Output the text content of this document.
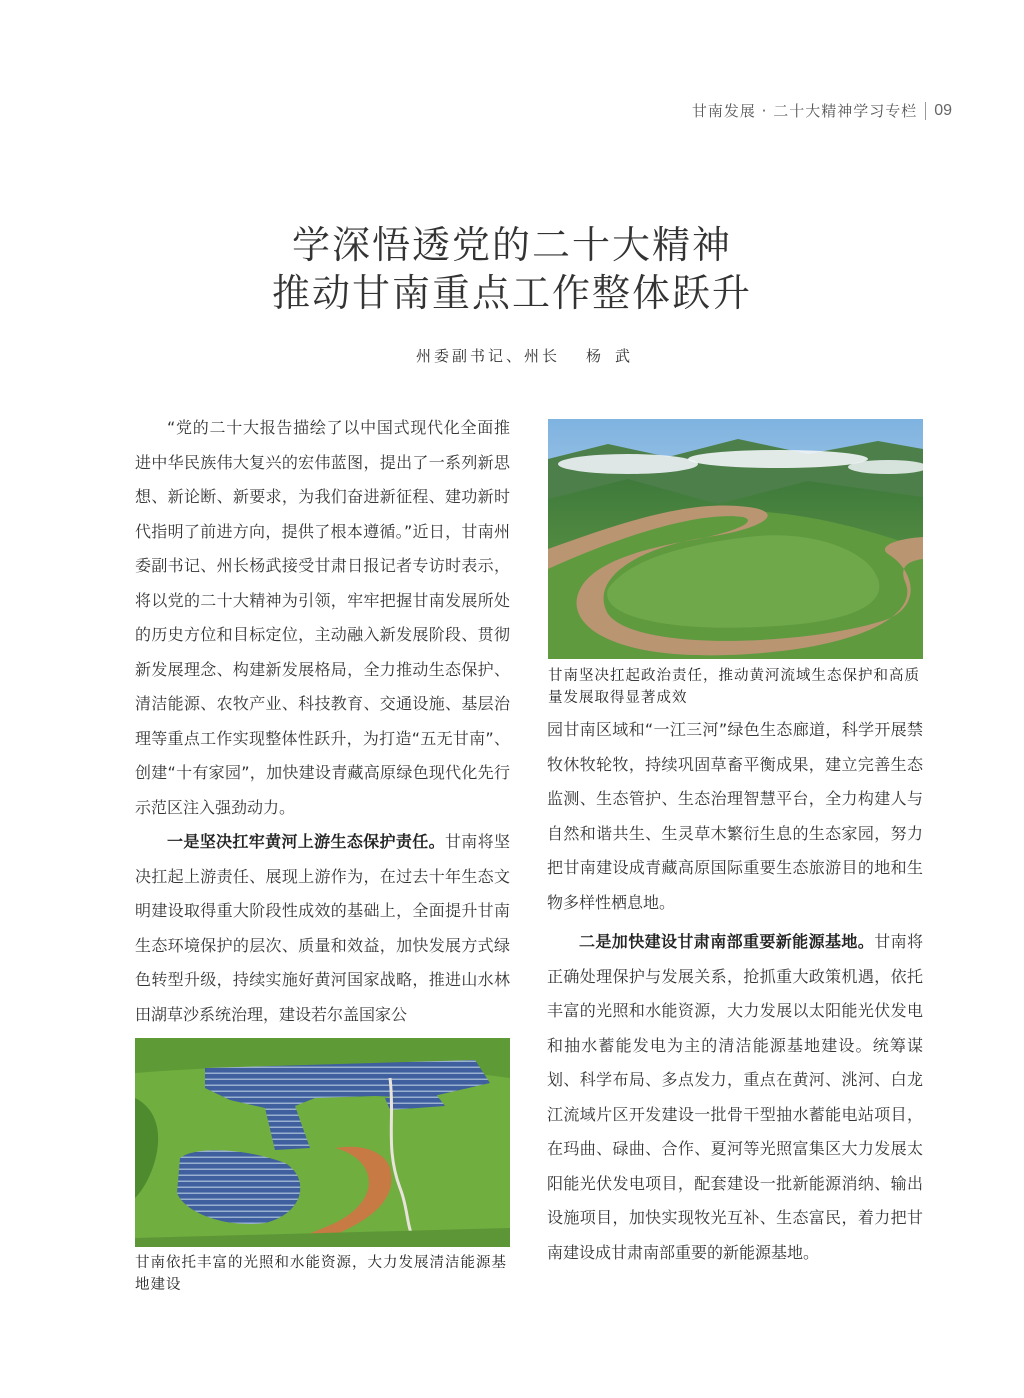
甘南发展 · 二十大精神学习专栏 09
学深悟透党的二十大精神
推动甘南重点工作整体跃升
州委副书记、州长 杨武

“党的二十大报告描绘了以中国式现代化全面推进中华民族伟大复兴的宏伟蓝图，提出了一系列新思想、新论断、新要求，为我们奋进新征程、建功新时代指明了前进方向，提供了根本遵循。”近日，甘南州委副书记、州长杨武接受甘肃日报记者专访时表示，将以党的二十大精神为引领，牢牢把握甘南发展所处的历史方位和目标定位，主动融入新发展阶段、贯彻新发展理念、构建新发展格局，全力推动生态保护、清洁能源、农牧产业、科技教育、交通设施、基层治理等重点工作实现整体性跃升，为打造“五无甘南”、创建“十有家园”，加快建设青藏高原绿色现代化先行示范区注入强劲动力。

一是坚决扛牢黄河上游生态保护责任。甘南将坚决扛起上游责任、展现上游作为，在过去十年生态文明建设取得重大阶段性成效的基础上，全面提升甘南生态环境保护的层次、质量和效益，加快发展方式绿色转型升级，持续实施好黄河国家战略，推进山水林田湖草沙系统治理，建设若尔盖国家公

甘南坚决扛起政治责任，推动黄河流域生态保护和高质量发展取得显著成效

园甘南区域和“一江三河”绿色生态廊道，科学开展禁牧休牧轮牧，持续巩固草畜平衡成果，建立完善生态监测、生态管护、生态治理智慧平台，全力构建人与自然和谐共生、生灵草木繁衍生息的生态家园，努力把甘南建设成青藏高原国际重要生态旅游目的地和生物多样性栖息地。

二是加快建设甘肃南部重要新能源基地。甘南将正确处理保护与发展关系，抢抓重大政策机遇，依托丰富的光照和水能资源，大力发展以太阳能光伏发电和抽水蓄能发电为主的清洁能源基地建设。统筹谋划、科学布局、多点发力，重点在黄河、洮河、白龙江流域片区开发建设一批骨干型抽水蓄能电站项目，在玛曲、碌曲、合作、夏河等光照富集区大力发展太阳能光伏发电项目，配套建设一批新能源消纳、输出设施项目，加快实现牧光互补、生态富民，着力把甘南建设成甘肃南部重要的新能源基地。

甘南依托丰富的光照和水能资源，大力发展清洁能源基地建设
